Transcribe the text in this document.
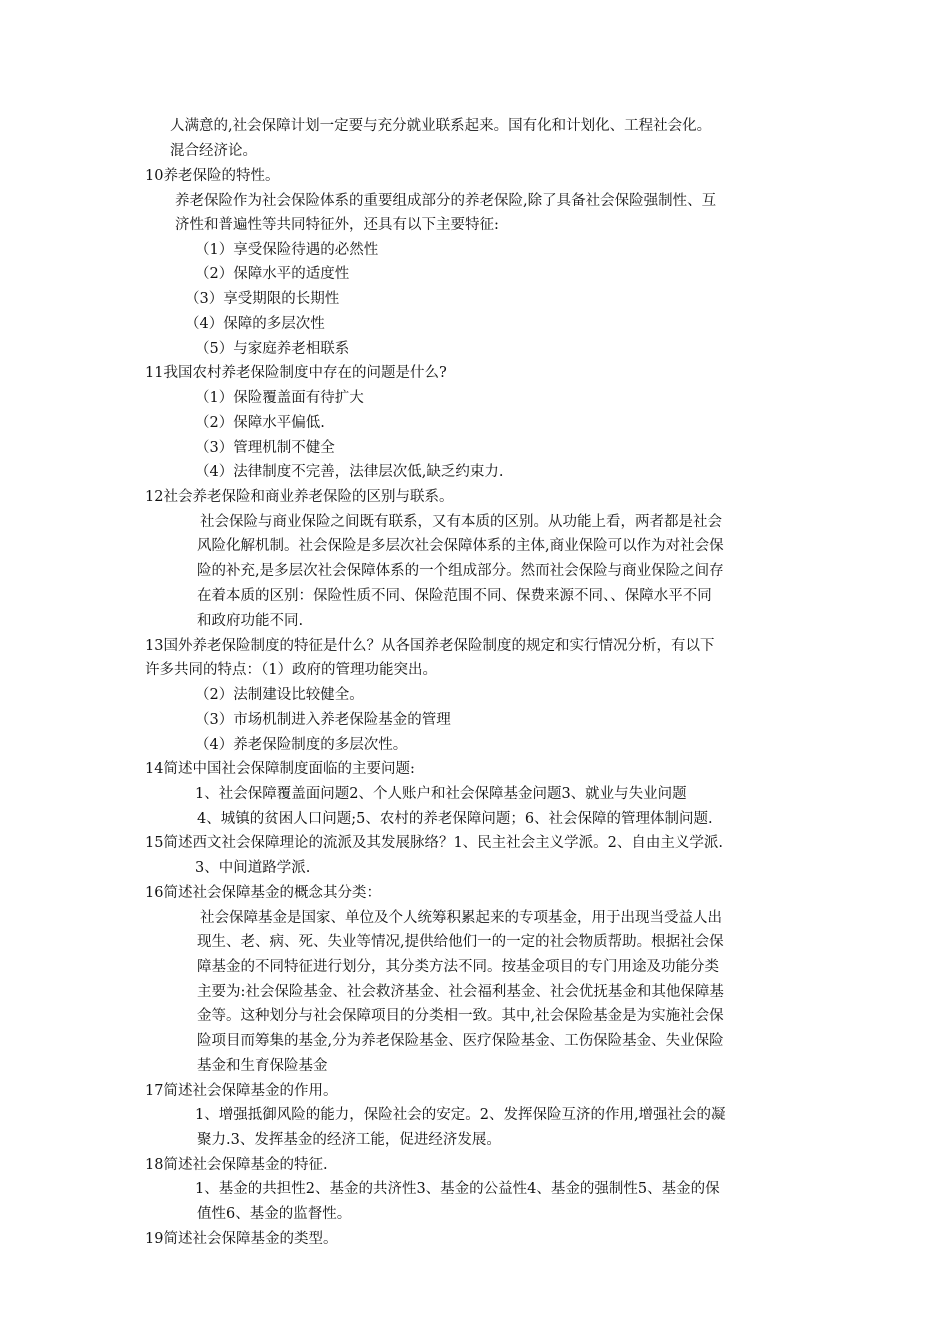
人满意的,社会保障计划一定要与充分就业联系起来。国有化和计划化、工程社会化。
混合经济论。
10养老保险的特性。
养老保险作为社会保险体系的重要组成部分的养老保险,除了具备社会保险强制性、互
济性和普遍性等共同特征外，还具有以下主要特征:
（1）享受保险待遇的必然性
（2）保障水平的适度性
（3）享受期限的长期性
（4）保障的多层次性
（5）与家庭养老相联系
11我国农村养老保险制度中存在的问题是什么?
（1）保险覆盖面有待扩大
（2）保障水平偏低.
（3）管理机制不健全
（4）法律制度不完善，法律层次低,缺乏约束力.
12社会养老保险和商业养老保险的区别与联系。
社会保险与商业保险之间既有联系，又有本质的区别。从功能上看，两者都是社会
风险化解机制。社会保险是多层次社会保障体系的主体,商业保险可以作为对社会保
险的补充,是多层次社会保障体系的一个组成部分。然而社会保险与商业保险之间存
在着本质的区别：保险性质不同、保险范围不同、保费来源不同、、保障水平不同
和政府功能不同.
13国外养老保险制度的特征是什么？从各国养老保险制度的规定和实行情况分析，有以下
许多共同的特点：（1）政府的管理功能突出。
（2）法制建设比较健全。
（3）市场机制进入养老保险基金的管理
（4）养老保险制度的多层次性。
14简述中国社会保障制度面临的主要问题:
1、社会保障覆盖面问题2、个人账户和社会保障基金问题3、就业与失业问题
4、城镇的贫困人口问题;5、农村的养老保障问题；6、社会保障的管理体制问题.
15简述西文社会保障理论的流派及其发展脉络？1、民主社会主义学派。2、自由主义学派.
3、中间道路学派.
16简述社会保障基金的概念其分类：
社会保障基金是国家、单位及个人统筹积累起来的专项基金，用于出现当受益人出
现生、老、病、死、失业等情况,提供给他们一的一定的社会物质帮助。根据社会保
障基金的不同特征进行划分，其分类方法不同。按基金项目的专门用途及功能分类
主要为:社会保险基金、社会救济基金、社会福利基金、社会优抚基金和其他保障基
金等。这种划分与社会保障项目的分类相一致。其中,社会保险基金是为实施社会保
险项目而筹集的基金,分为养老保险基金、医疗保险基金、工伤保险基金、失业保险
基金和生育保险基金
17简述社会保障基金的作用。
1、增强抵御风险的能力，保险社会的安定。2、发挥保险互济的作用,增强社会的凝
聚力.3、发挥基金的经济工能，促进经济发展。
18简述社会保障基金的特征.
1、基金的共担性2、基金的共济性3、基金的公益性4、基金的强制性5、基金的保
值性6、基金的监督性。
19简述社会保障基金的类型。
